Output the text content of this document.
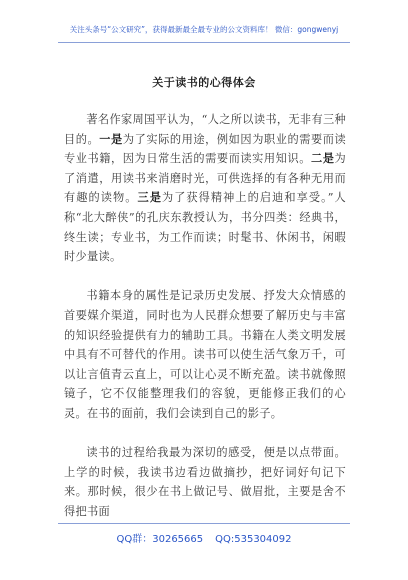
关注头条号“公文研究”，获得最新最全最专业的公文资料库！ 微信：gongwenyj
关于读书的心得体会

著名作家周国平认为，“人之所以读书，无非有三种目的。一是为了实际的用途，例如因为职业的需要而读专业书籍，因为日常生活的需要而读实用知识。二是为了消遣，用读书来消磨时光，可供选择的有各种无用而有趣的读物。三是为了获得精神上的启迪和享受。”人称“北大醉侠”的孔庆东教授认为，书分四类：经典书，终生读；专业书，为工作而读；时髦书、休闲书，闲暇时少量读。

书籍本身的属性是记录历史发展、抒发大众情感的首要媒介渠道，同时也为人民群众想要了解历史与丰富的知识经验提供有力的辅助工具。书籍在人类文明发展中具有不可替代的作用。读书可以使生活气象万千，可以让言值青云直上，可以让心灵不断充盈。读书就像照镜子，它不仅能整理我们的容貌，更能修正我们的心灵。在书的面前，我们会读到自己的影子。

读书的过程给我最为深切的感受，便是以点带面。上学的时候，我读书边看边做摘抄，把好词好句记下来。那时候，很少在书上做记号、做眉批，主要是舍不得把书面

QQ群：30265665 QQ:535304092
